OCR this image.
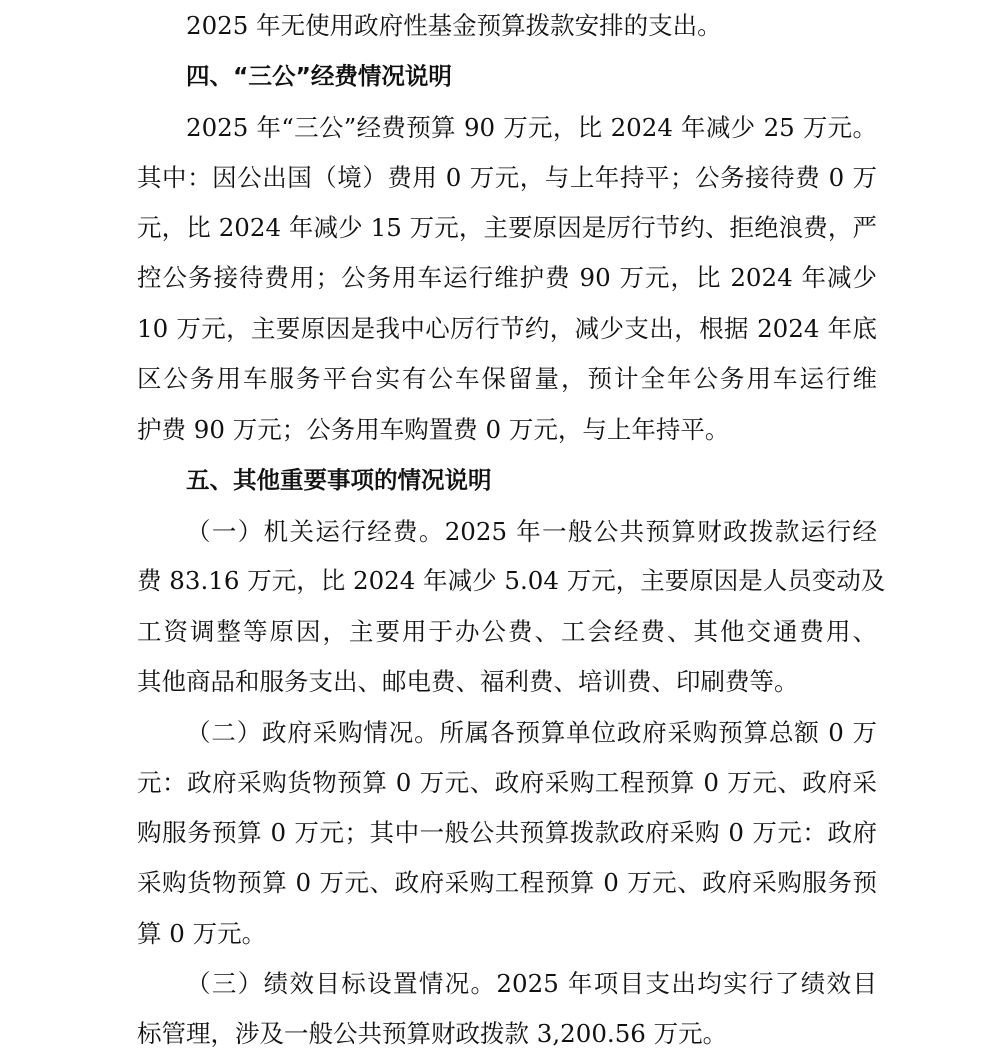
2025 年无使用政府性基金预算拨款安排的支出。
四、“三公”经费情况说明
2025 年“三公”经费预算 90 万元，比 2024 年减少 25 万元。
其中：因公出国（境）费用 0 万元，与上年持平；公务接待费 0 万
元，比 2024 年减少 15 万元，主要原因是厉行节约、拒绝浪费，严
控公务接待费用；公务用车运行维护费 90 万元，比 2024 年减少
10 万元，主要原因是我中心厉行节约，减少支出，根据 2024 年底
区公务用车服务平台实有公车保留量，预计全年公务用车运行维
护费 90 万元；公务用车购置费 0 万元，与上年持平。
五、其他重要事项的情况说明
（一）机关运行经费。2025 年一般公共预算财政拨款运行经
费 83.16 万元，比 2024 年减少 5.04 万元，主要原因是人员变动及
工资调整等原因，主要用于办公费、工会经费、其他交通费用、
其他商品和服务支出、邮电费、福利费、培训费、印刷费等。
（二）政府采购情况。所属各预算单位政府采购预算总额 0 万
元：政府采购货物预算 0 万元、政府采购工程预算 0 万元、政府采
购服务预算 0 万元；其中一般公共预算拨款政府采购 0 万元：政府
采购货物预算 0 万元、政府采购工程预算 0 万元、政府采购服务预
算 0 万元。
（三）绩效目标设置情况。2025 年项目支出均实行了绩效目
标管理，涉及一般公共预算财政拨款 3,200.56 万元。
